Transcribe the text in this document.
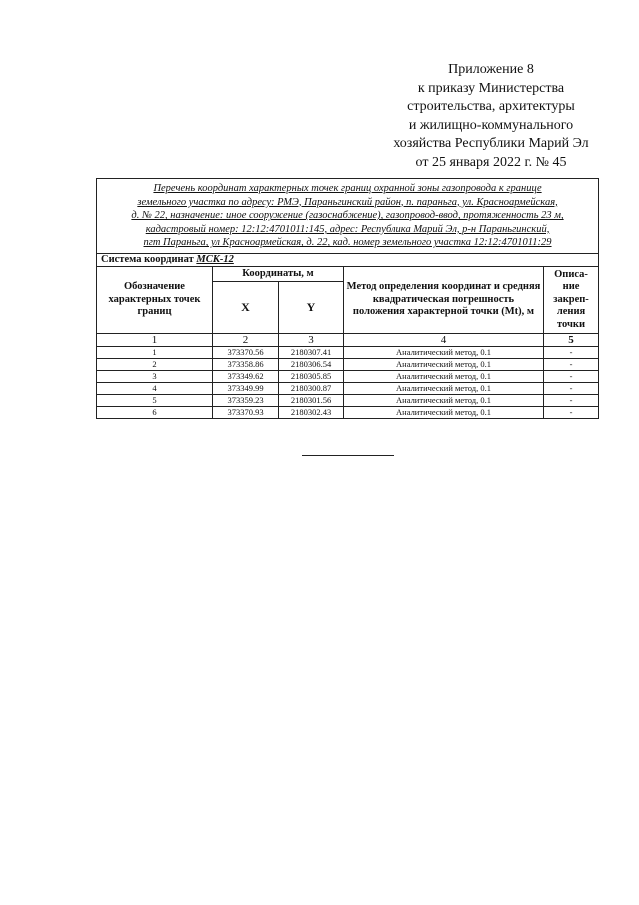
Приложение 8
к приказу Министерства
строительства, архитектуры
и жилищно-коммунального
хозяйства Республики Марий Эл
от 25 января 2022 г. № 45
Перечень координат характерных точек границ охранной зоны газопровода к границе
земельного участка по адресу: РМЭ, Параньгинский район, п. параньга, ул. Красноармейская,
д. № 22, назначение: иное сооружение (газоснабжение), газопровод-ввод, протяженность 23 м,
кадастровый номер: 12:12:4701011:145, адрес: Республика Марий Эл, р-н Параньгинский,
пгт Параньга, ул Красноармейская, д. 22, кад. номер земельного участка 12:12:4701011:29				

Система координат МСК-12				
Обозначение характерных точек границ	Координаты, м		Метод определения координат и средняя квадратическая погрешность положения характерной точки (Mt), м	Описа-ние закреп-ления точки
	X	Y		
1	2	3	4	5
1	373370.56	2180307.41	Аналитический метод, 0.1	-
2	373358.86	2180306.54	Аналитический метод, 0.1	-
3	373349.62	2180305.85	Аналитический метод, 0.1	-
4	373349.99	2180300.87	Аналитический метод, 0.1	-
5	373359.23	2180301.56	Аналитический метод, 0.1	-
6	373370.93	2180302.43	Аналитический метод, 0.1	-
